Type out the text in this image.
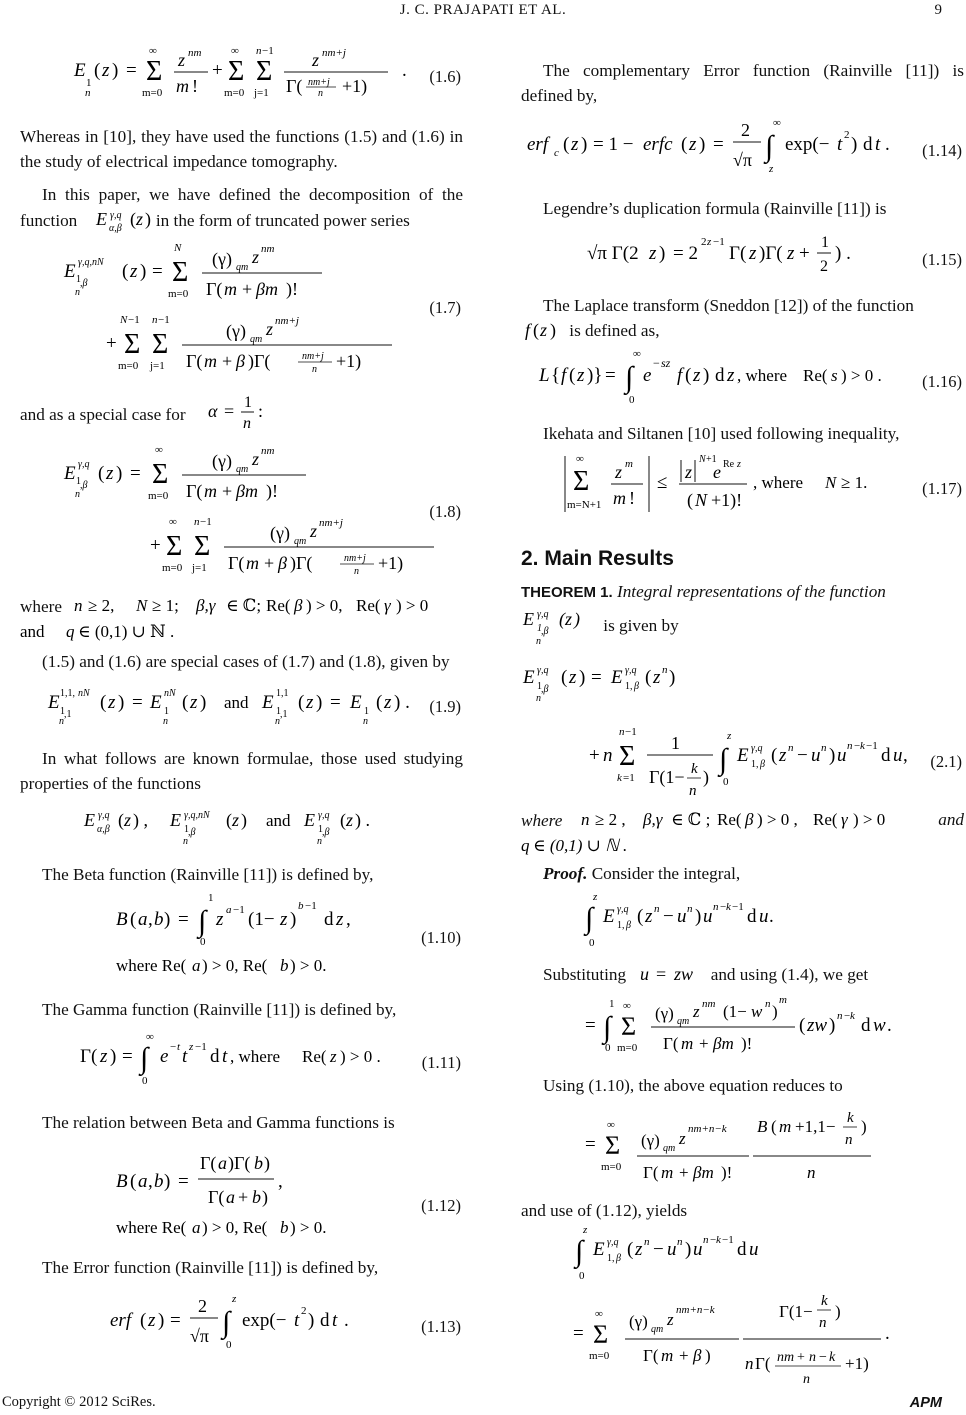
J. C. PRAJAPATI ET AL.	9
E
1
n
( z ) = Σ
∞
m=0
z nm
m !
+ Σ Σ
∞
m=0
n −1
j=1
z nm+j
Γ( nm+j
n +1)
. (1.6)

Whereas in [10], they have used the functions (1.5) and (1.6) in the study of electrical impedance tomography.

In this paper, we have defined the decomposition of the function E γ,q
α,β ( z ) in the form of truncated power series

E γ,q,nN
1 ,β
n
( z ) = Σ
N
m=0
(γ) qm
z nm
Γ( m + βm )!
+ Σ Σ
N −1
m=0
n −1
j=1
(γ) qm
z nm+j
Γ( m + β )Γ(	nm+j
n +1)
(1.7)

and as a special case for α = 1
n
:

E γ,q
1 ,β
n
( z ) = Σ
∞
m=0
(γ) qm
z nm
Γ( m + βm )!
+ Σ Σ
∞
m=0
n −1
j=1
(γ) qm
z nm+j
Γ( m + β )Γ(	nm+j
n +1)
(1.8)
where n ≥ 2, N ≥ 1; β,γ ∈ ℂ; Re( β ) > 0, Re( γ ) > 0

and q ∈ (0,1) ∪ ℕ .

(1.5) and (1.6) are special cases of (1.7) and (1.8), given by

E 1,1, nN
1 ,1
n
( z ) = E nN
1
n
( z ) and E 1,1
1 ,1
n
( z ) = E 1
n
( z ) . (1.9)

In what follows are known formulae, those used studying properties of the functions

E γ,q
α,β ( z ) , E γ,q,nN
1 ,β
n
( z ) and E γ,q
1 ,β
n
( z ) .

The Beta function (Rainville [11]) is defined by,

B ( a , b ) = ∫
1
0
z a −1 (1− z )
b −1
d z ,
where Re( a ) > 0, Re( b ) > 0.
(1.10)

The Gamma function (Rainville [11]) is defined by,

Γ( z ) = ∫
∞
0
e − t t z −1 d t , where Re( z ) > 0 . (1.11)

The relation between Beta and Gamma functions is

B ( a , b ) =
Γ( a )Γ( b )
Γ( a + b )
,
where Re( a ) > 0, Re( b ) > 0.
(1.12)

The Error function (Rainville [11]) is defined by,

erf ( z ) =
2
√π ∫
z
0
exp(− t 2 ) d t .	(1.13)

The complementary Error function (Rainville [11]) is defined by,

erf c ( z ) = 1 − erfc ( z ) =
2
√π ∫
∞
z
exp(− t 2 ) d t . (1.14)

Legendre’s duplication formula (Rainville [11]) is

√π Γ(2 z ) = 2
2 z −1
Γ( z )Γ( z +
1
2
) .	(1.15)

The Laplace transform (Sneddon [12]) of the function

f ( z ) is defined as,

L { f ( z )} = ∫
∞
0
e
− sz
f ( z ) d z , where Re( s ) > 0 . (1.16)

Ikehata and Siltanen [10] used following inequality,

Σ
∞
m=N+1
z m
m !
≤ z
N +1
e Re z
( N +1)!
, where N ≥ 1.	(1.17)
2. Main Results

THEOREM 1. Integral representations of the function

E γ,q
1 ,β
n
( z ) is given by

E γ,q
1 ,β
n
( z ) = E γ,q
1, β ( z n )
+ n Σ
n −1
k =1
1
Γ(1− k
n
)
∫
z
0
E γ,q
1, β ( z n − u n ) u n − k −1 d u , (2.1)
where n ≥ 2 , β,γ ∈ ℂ ; Re( β ) > 0 , Re( γ ) > 0	and

q ∈ (0,1) ∪ ℕ .

Proof. Consider the integral,

∫
z
0
E γ,q
1, β ( z n − u n ) u n − k −1 d u .

Substituting u = zw and using (1.4), we get

= ∫
1
0
Σ
∞
m=0
(γ) qm
z nm (1− w n )
m
Γ( m + βm )!
( zw ) n − k d w .

Using (1.10), the above equation reduces to

= Σ
∞
m=0
(γ) qm
z nm+n−k
Γ( m + βm )!
B ( m +1,1− k
n
)
n

and use of (1.12), yields

∫
z
0
E γ,q
1, β ( z n − u n ) u n − k −1 d u
= Σ
∞
m=0
(γ) qm
z nm+n−k
Γ( m + β )
Γ(1−
k
n
)
n Γ( nm + n − k
n
+1)
.
Copyright © 2012 SciRes.	APM
